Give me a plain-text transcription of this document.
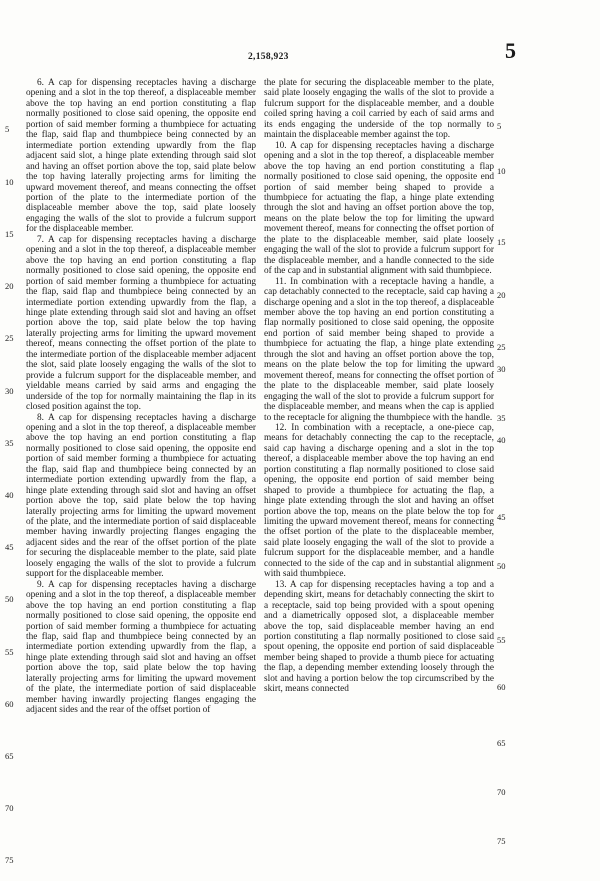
2,158,923	5

6. A cap for dispensing receptacles having a discharge opening and a slot in the top thereof, a displaceable member above the top having an end portion constituting a flap normally positioned to close said opening, the opposite end portion of said member forming a thumbpiece for actuating the flap, said flap and thumbpiece being connected by an intermediate portion extending upwardly from the flap adjacent said slot, a hinge plate extending through said slot and having an offset portion above the top, said plate below the top having laterally projecting arms for limiting the upward movement thereof, and means connecting the offset portion of the plate to the intermediate portion of the displaceable member above the top, said plate loosely engaging the walls of the slot to provide a fulcrum support for the displaceable member.

7. A cap for dispensing receptacles having a discharge opening and a slot in the top thereof, a displaceable member above the top having an end portion constituting a flap normally positioned to close said opening, the opposite end portion of said member forming a thumbpiece for actuating the flap, said flap and thumbpiece being connected by an intermediate portion extending upwardly from the flap, a hinge plate extending through said slot and having an offset portion above the top, said plate below the top having laterally projecting arms for limiting the upward movement thereof, means connecting the offset portion of the plate to the intermediate portion of the displaceable member adjacent the slot, said plate loosely engaging the walls of the slot to provide a fulcrum support for the displaceable member, and yieldable means carried by said arms and engaging the underside of the top for normally maintaining the flap in its closed position against the top.

8. A cap for dispensing receptacles having a discharge opening and a slot in the top thereof, a displaceable member above the top having an end portion constituting a flap normally positioned to close said opening, the opposite end portion of said member forming a thumbpiece for actuating the flap, said flap and thumbpiece being connected by an intermediate portion extending upwardly from the flap, a hinge plate extending through said slot and having an offset portion above the top, said plate below the top having laterally projecting arms for limiting the upward movement of the plate, and the intermediate portion of said displaceable member having inwardly projecting flanges engaging the adjacent sides and the rear of the offset portion of the plate for securing the displaceable member to the plate, said plate loosely engaging the walls of the slot to provide a fulcrum support for the displaceable member.

9. A cap for dispensing receptacles having a discharge opening and a slot in the top thereof, a displaceable member above the top having an end portion constituting a flap normally positioned to close said opening, the opposite end portion of said member forming a thumbpiece for actuating the flap, said flap and thumbpiece being connected by an intermediate portion extending upwardly from the flap, a hinge plate extending through said slot and having an offset portion above the top, said plate below the top having laterally projecting arms for limiting the upward movement of the plate, the intermediate portion of said displaceable member having inwardly projecting flanges engaging the adjacent sides and the rear of the offset portion of

the plate for securing the displaceable member to the plate, said plate loosely engaging the walls of the slot to provide a fulcrum support for the displaceable member, and a double coiled spring having a coil carried by each of said arms and its ends engaging the underside of the top normally to maintain the displaceable member against the top.

10. A cap for dispensing receptacles having a discharge opening and a slot in the top thereof, a displaceable member above the top having an end portion constituting a flap normally positioned to close said opening, the opposite end portion of said member being shaped to provide a thumbpiece for actuating the flap, a hinge plate extending through the slot and having an offset portion above the top, means on the plate below the top for limiting the upward movement thereof, means for connecting the offset portion of the plate to the displaceable member, said plate loosely engaging the wall of the slot to provide a fulcrum support for the displaceable member, and a handle connected to the side of the cap and in substantial alignment with said thumbpiece.

11. In combination with a receptacle having a handle, a cap detachably connected to the receptacle, said cap having a discharge opening and a slot in the top thereof, a displaceable member above the top having an end portion constituting a flap normally positioned to close said opening, the opposite end portion of said member being shaped to provide a thumbpiece for actuating the flap, a hinge plate extending through the slot and having an offset portion above the top, means on the plate below the top for limiting the upward movement thereof, means for connecting the offset portion of the plate to the displaceable member, said plate loosely engaging the wall of the slot to provide a fulcrum support for the displaceable member, and means when the cap is applied to the receptacle for aligning the thumbpiece with the handle.

12. In combination with a receptacle, a one-piece cap, means for detachably connecting the cap to the receptacle, said cap having a discharge opening and a slot in the top thereof, a displaceable member above the top having an end portion constituting a flap normally positioned to close said opening, the opposite end portion of said member being shaped to provide a thumbpiece for actuating the flap, a hinge plate extending through the slot and having an offset portion above the top, means on the plate below the top for limiting the upward movement thereof, means for connecting the offset portion of the plate to the displaceable member, said plate loosely engaging the wall of the slot to provide a fulcrum support for the displaceable member, and a handle connected to the side of the cap and in substantial alignment with said thumbpiece.

13. A cap for dispensing receptacles having a top and a depending skirt, means for detachably connecting the skirt to a receptacle, said top being provided with a spout opening and a diametrically opposed slot, a displaceable member above the top, said displaceable member having an end portion constituting a flap normally positioned to close said spout opening, the opposite end portion of said displaceable member being shaped to provide a thumb piece for actuating the flap, a depending member extending loosely through the slot and having a portion below the top circumscribed by the skirt, means connected

5
10
15
20
25
30
35
40
45
50
55
60
65
70
75
5
10
15
20
25
30
35
40
45
50
55
60
65
70
75
